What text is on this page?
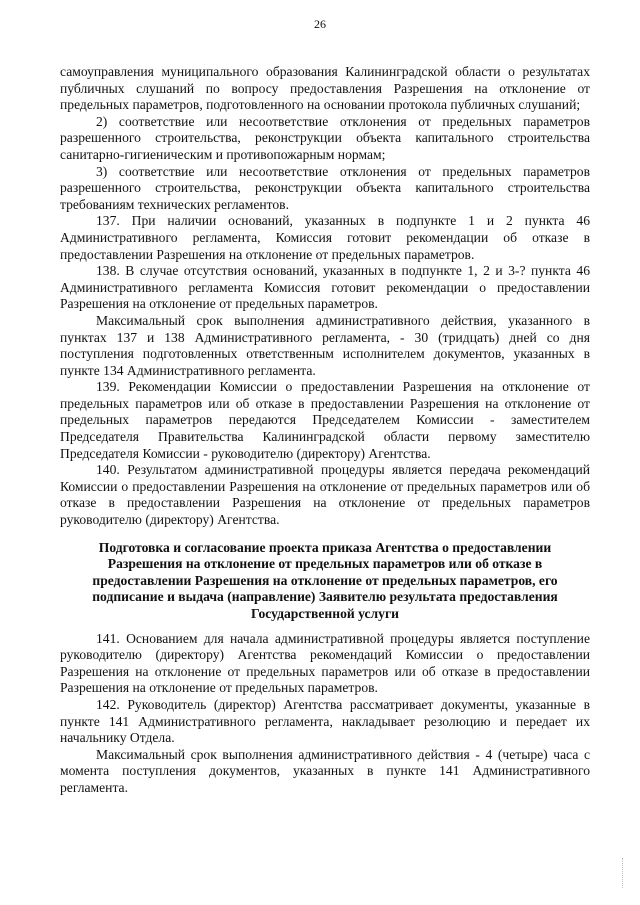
26

самоуправления муниципального образования Калининградской области о результатах публичных слушаний по вопросу предоставления Разрешения на отклонение от предельных параметров, подготовленного на основании протокола публичных слушаний;

2) соответствие или несоответствие отклонения от предельных параметров разрешенного строительства, реконструкции объекта капитального строительства санитарно-гигиеническим и противопожарным нормам;

3) соответствие или несоответствие отклонения от предельных параметров разрешенного строительства, реконструкции объекта капитального строительства требованиям технических регламентов.

137. При наличии оснований, указанных в подпункте 1 и 2 пункта 46 Административного регламента, Комиссия готовит рекомендации об отказе в предоставлении Разрешения на отклонение от предельных параметров.

138. В случае отсутствия оснований, указанных в подпункте 1, 2 и 3-? пункта 46 Административного регламента Комиссия готовит рекомендации о предоставлении Разрешения на отклонение от предельных параметров.

Максимальный срок выполнения административного действия, указанного в пунктах 137 и 138 Административного регламента, - 30 (тридцать) дней со дня поступления подготовленных ответственным исполнителем документов, указанных в пункте 134 Административного регламента.

139. Рекомендации Комиссии о предоставлении Разрешения на отклонение от предельных параметров или об отказе в предоставлении Разрешения на отклонение от предельных параметров передаются Председателем Комиссии - заместителем Председателя Правительства Калининградской области первому заместителю Председателя Комиссии - руководителю (директору) Агентства.

140. Результатом административной процедуры является передача рекомендаций Комиссии о предоставлении Разрешения на отклонение от предельных параметров или об отказе в предоставлении Разрешения на отклонение от предельных параметров руководителю (директору) Агентства.

Подготовка и согласование проекта приказа Агентства о предоставлении Разрешения на отклонение от предельных параметров или об отказе в предоставлении Разрешения на отклонение от предельных параметров, его подписание и выдача (направление) Заявителю результата предоставления Государственной услуги

141. Основанием для начала административной процедуры является поступление руководителю (директору) Агентства рекомендаций Комиссии о предоставлении Разрешения на отклонение от предельных параметров или об отказе в предоставлении Разрешения на отклонение от предельных параметров.

142. Руководитель (директор) Агентства рассматривает документы, указанные в пункте 141 Административного регламента, накладывает резолюцию и передает их начальнику Отдела.

Максимальный срок выполнения административного действия - 4 (четыре) часа с момента поступления документов, указанных в пункте 141 Административного регламента.
